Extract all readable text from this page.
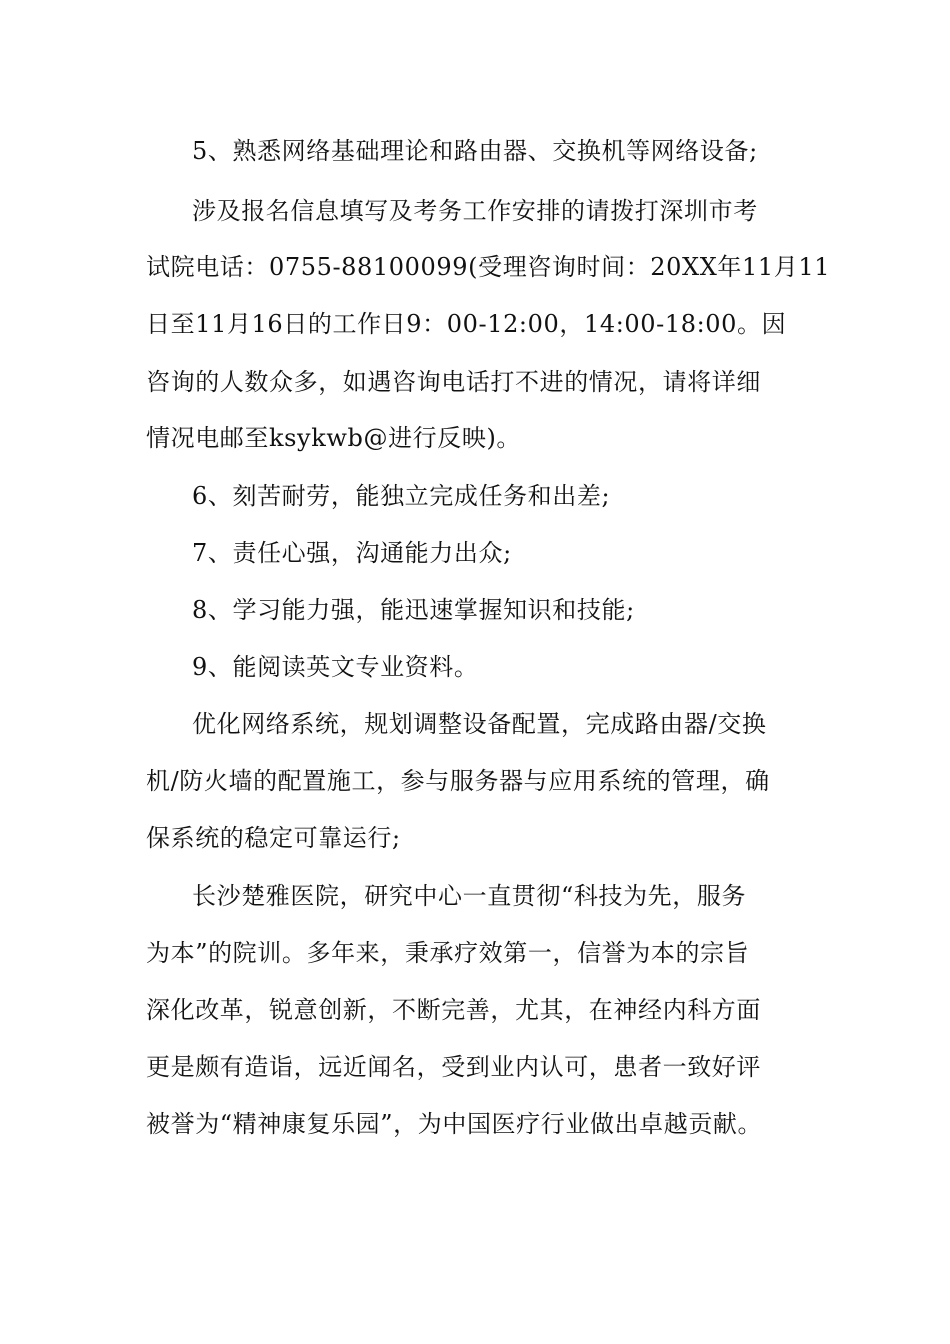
5、熟悉网络基础理论和路由器、交换机等网络设备;

涉及报名信息填写及考务工作安排的请拨打深圳市考

试院电话：0755-88100099(受理咨询时间：20XX年11月11

日至11月16日的工作日9：00-12:00，14:00-18:00。因

咨询的人数众多，如遇咨询电话打不进的情况，请将详细

情况电邮至ksykwb@进行反映)。

6、刻苦耐劳，能独立完成任务和出差;

7、责任心强，沟通能力出众;

8、学习能力强，能迅速掌握知识和技能;

9、能阅读英文专业资料。

优化网络系统，规划调整设备配置，完成路由器/交换

机/防火墙的配置施工，参与服务器与应用系统的管理，确

保系统的稳定可靠运行;

长沙楚雅医院，研究中心一直贯彻“科技为先，服务

为本”的院训。多年来，秉承疗效第一，信誉为本的宗旨

深化改革，锐意创新，不断完善，尤其，在神经内科方面

更是颇有造诣，远近闻名，受到业内认可，患者一致好评

被誉为“精神康复乐园”，为中国医疗行业做出卓越贡献。
